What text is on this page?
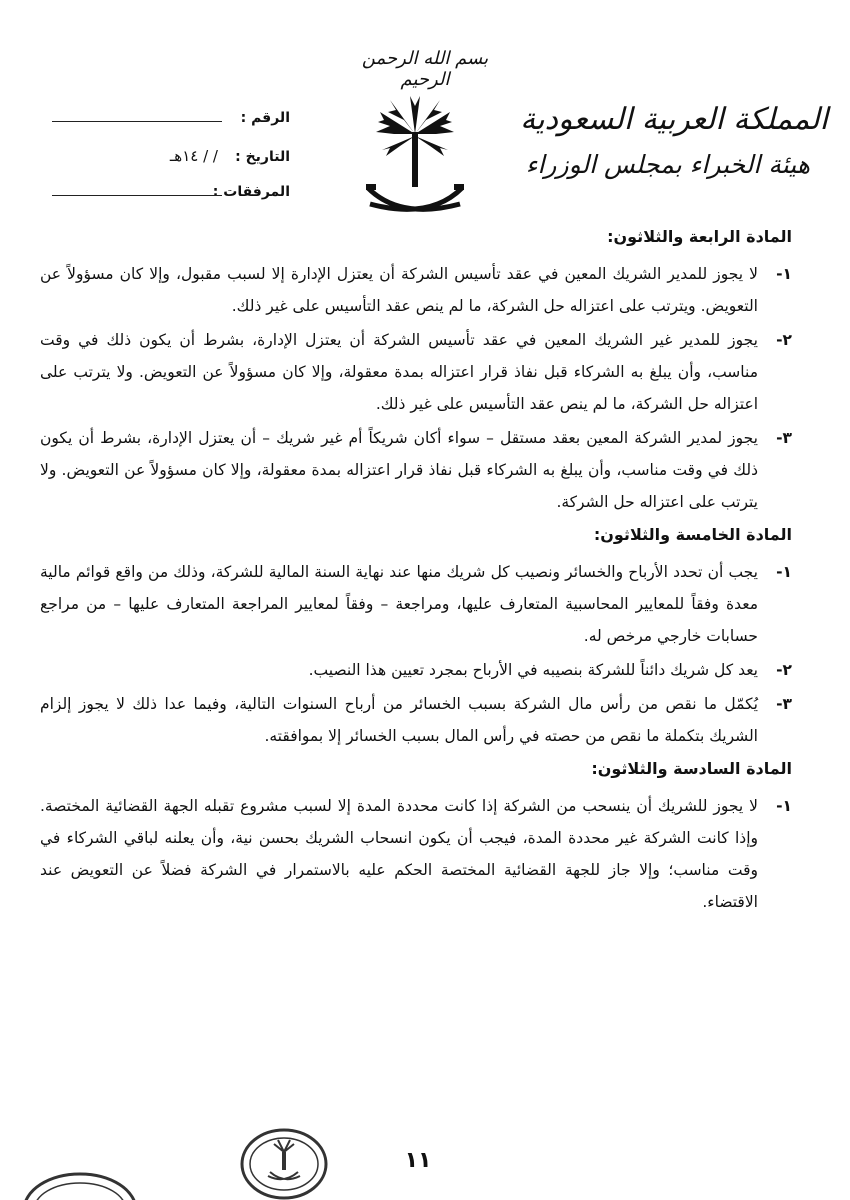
بسم الله الرحمن الرحيم
الرقم :
التاريخ :
/ / ١٤هـ
المرفقات :
المملكة العربية السعودية
هيئة الخبراء بمجلس الوزراء
المادة الرابعة والثلاثون:
١-
لا يجوز للمدير الشريك المعين في عقد تأسيس الشركة أن يعتزل الإدارة إلا لسبب مقبول، وإلا كان مسؤولاً عن التعويض. ويترتب على اعتزاله حل الشركة، ما لم ينص عقد التأسيس على غير ذلك.
٢-
يجوز للمدير غير الشريك المعين في عقد تأسيس الشركة أن يعتزل الإدارة، بشرط أن يكون ذلك في وقت مناسب، وأن يبلغ به الشركاء قبل نفاذ قرار اعتزاله بمدة معقولة، وإلا كان مسؤولاً عن التعويض. ولا يترتب على اعتزاله حل الشركة، ما لم ينص عقد التأسيس على غير ذلك.
٣-
يجوز لمدير الشركة المعين بعقد مستقل – سواء أكان شريكاً أم غير شريك – أن يعتزل الإدارة، بشرط أن يكون ذلك في وقت مناسب، وأن يبلغ به الشركاء قبل نفاذ قرار اعتزاله بمدة معقولة، وإلا كان مسؤولاً عن التعويض. ولا يترتب على اعتزاله حل الشركة.
المادة الخامسة والثلاثون:
١-
يجب أن تحدد الأرباح والخسائر ونصيب كل شريك منها عند نهاية السنة المالية للشركة، وذلك من واقع قوائم مالية معدة وفقاً للمعايير المحاسبية المتعارف عليها، ومراجعة – وفقاً لمعايير المراجعة المتعارف عليها – من مراجع حسابات خارجي مرخص له.
٢-
يعد كل شريك دائناً للشركة بنصيبه في الأرباح بمجرد تعيين هذا النصيب.
٣-
يُكمّل ما نقص من رأس مال الشركة بسبب الخسائر من أرباح السنوات التالية، وفيما عدا ذلك لا يجوز إلزام الشريك بتكملة ما نقص من حصته في رأس المال بسبب الخسائر إلا بموافقته.
المادة السادسة والثلاثون:
١-
لا يجوز للشريك أن ينسحب من الشركة إذا كانت محددة المدة إلا لسبب مشروع تقبله الجهة القضائية المختصة. وإذا كانت الشركة غير محددة المدة، فيجب أن يكون انسحاب الشريك بحسن نية، وأن يعلنه لباقي الشركاء في وقت مناسب؛ وإلا جاز للجهة القضائية المختصة الحكم عليه بالاستمرار في الشركة فضلاً عن التعويض عند الاقتضاء.
١١
